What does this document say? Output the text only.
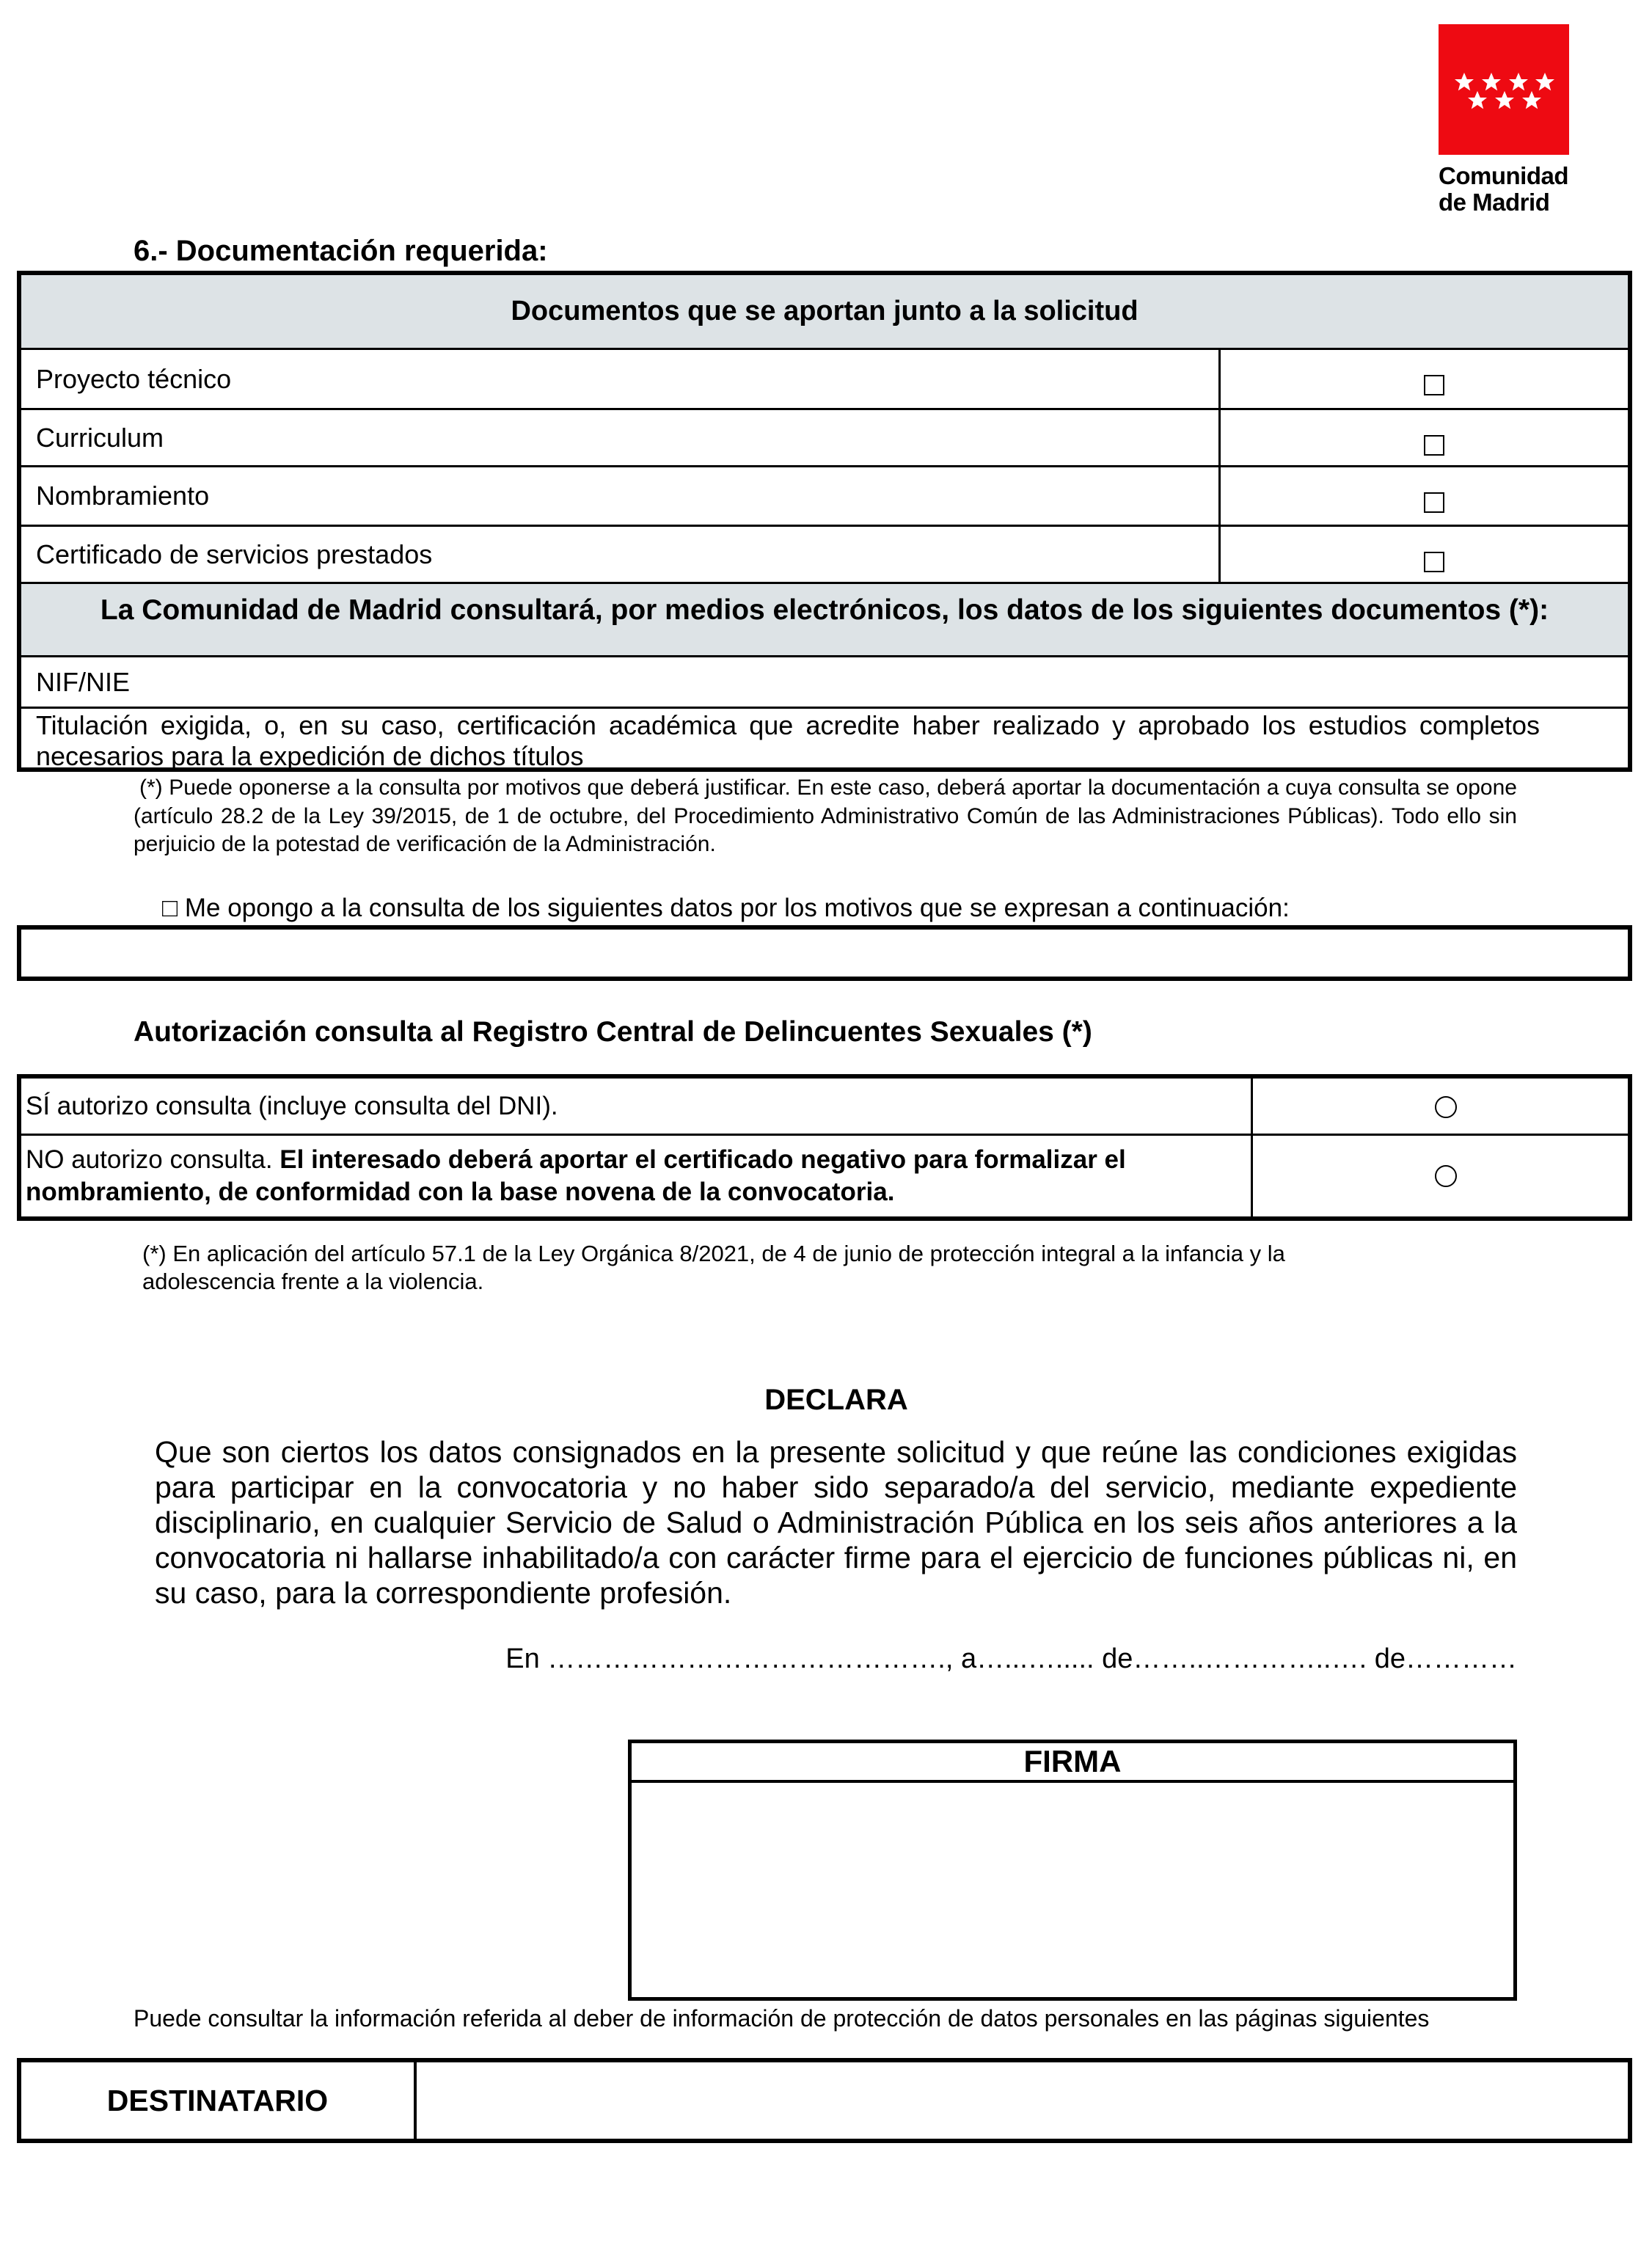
Comunidad
de Madrid
6.- Documentación requerida:
Documentos que se aportan junto a la solicitud
Proyecto técnico
Curriculum
Nombramiento
Certificado de servicios prestados
La Comunidad de Madrid consultará, por medios electrónicos, los datos de los siguientes documentos (*):
NIF/NIE
Titulación exigida, o, en su caso, certificación académica que acredite haber realizado y aprobado los estudios completos necesarios para la expedición de dichos títulos
(*) Puede oponerse a la consulta por motivos que deberá justificar. En este caso, deberá aportar la documentación a cuya consulta se opone (artículo 28.2 de la Ley 39/2015, de 1 de octubre, del Procedimiento Administrativo Común de las Administraciones Públicas). Todo ello sin perjuicio de la potestad de verificación de la Administración.
□ Me opongo a la consulta de los siguientes datos por los motivos que se expresan a continuación:
Autorización consulta al Registro Central de Delincuentes Sexuales (*)
SÍ autorizo consulta (incluye consulta del DNI).
NO autorizo consulta. El interesado deberá aportar el certificado negativo para formalizar el nombramiento, de conformidad con la base novena de la convocatoria.
(*) En aplicación del artículo 57.1 de la Ley Orgánica 8/2021, de 4 de junio de protección integral a la infancia y la adolescencia frente a la violencia.
DECLARA
Que son ciertos los datos consignados en la presente solicitud y que reúne las condiciones exigidas para participar en la convocatoria y no haber sido separado/a del servicio, mediante expediente disciplinario, en cualquier Servicio de Salud o Administración Pública en los seis años anteriores a la convocatoria ni hallarse inhabilitado/a con carácter firme para el ejercicio de funciones públicas ni, en su caso, para la correspondiente profesión.
En ……………………………………., a…...…..... de……..…………..…. de…………
FIRMA
Puede consultar la información referida al deber de información de protección de datos personales en las páginas siguientes
DESTINATARIO
